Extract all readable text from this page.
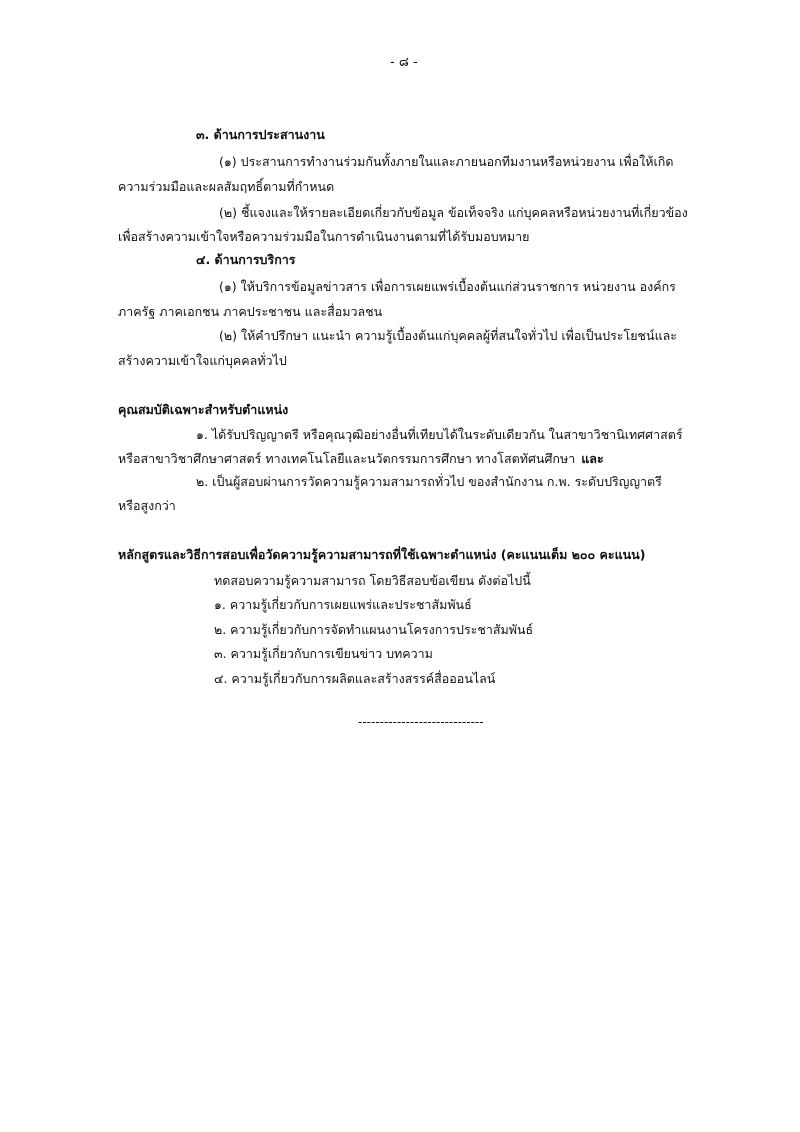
- ๘ -
๓. ด้านการประสานงาน
(๑) ประสานการทำงานร่วมกันทั้งภายในและภายนอกทีมงานหรือหน่วยงาน เพื่อให้เกิด
ความร่วมมือและผลสัมฤทธิ์ตามที่กำหนด
(๒) ชี้แจงและให้รายละเอียดเกี่ยวกับข้อมูล ข้อเท็จจริง แก่บุคคลหรือหน่วยงานที่เกี่ยวข้อง
เพื่อสร้างความเข้าใจหรือความร่วมมือในการดำเนินงานตามที่ได้รับมอบหมาย
๔. ด้านการบริการ
(๑) ให้บริการข้อมูลข่าวสาร เพื่อการเผยแพร่เบื้องต้นแก่ส่วนราชการ หน่วยงาน องค์กร
ภาครัฐ ภาคเอกชน ภาคประชาชน และสื่อมวลชน
(๒) ให้คำปรึกษา แนะนำ ความรู้เบื้องต้นแก่บุคคลผู้ที่สนใจทั่วไป เพื่อเป็นประโยชน์และ
สร้างความเข้าใจแก่บุคคลทั่วไป
คุณสมบัติเฉพาะสำหรับตำแหน่ง
๑. ได้รับปริญญาตรี หรือคุณวุฒิอย่างอื่นที่เทียบได้ในระดับเดียวกัน ในสาขาวิชานิเทศศาสตร์
หรือสาขาวิชาศึกษาศาสตร์ ทางเทคโนโลยีและนวัตกรรมการศึกษา ทางโสตทัศนศึกษา และ
๒. เป็นผู้สอบผ่านการวัดความรู้ความสามารถทั่วไป ของสำนักงาน ก.พ. ระดับปริญญาตรี
หรือสูงกว่า
หลักสูตรและวิธีการสอบเพื่อวัดความรู้ความสามารถที่ใช้เฉพาะตำแหน่ง (คะแนนเต็ม ๒๐๐ คะแนน)
ทดสอบความรู้ความสามารถ โดยวิธีสอบข้อเขียน ดังต่อไปนี้
๑. ความรู้เกี่ยวกับการเผยแพร่และประชาสัมพันธ์
๒. ความรู้เกี่ยวกับการจัดทำแผนงานโครงการประชาสัมพันธ์
๓. ความรู้เกี่ยวกับการเขียนข่าว บทความ
๔. ความรู้เกี่ยวกับการผลิตและสร้างสรรค์สื่อออนไลน์
-----------------------------
